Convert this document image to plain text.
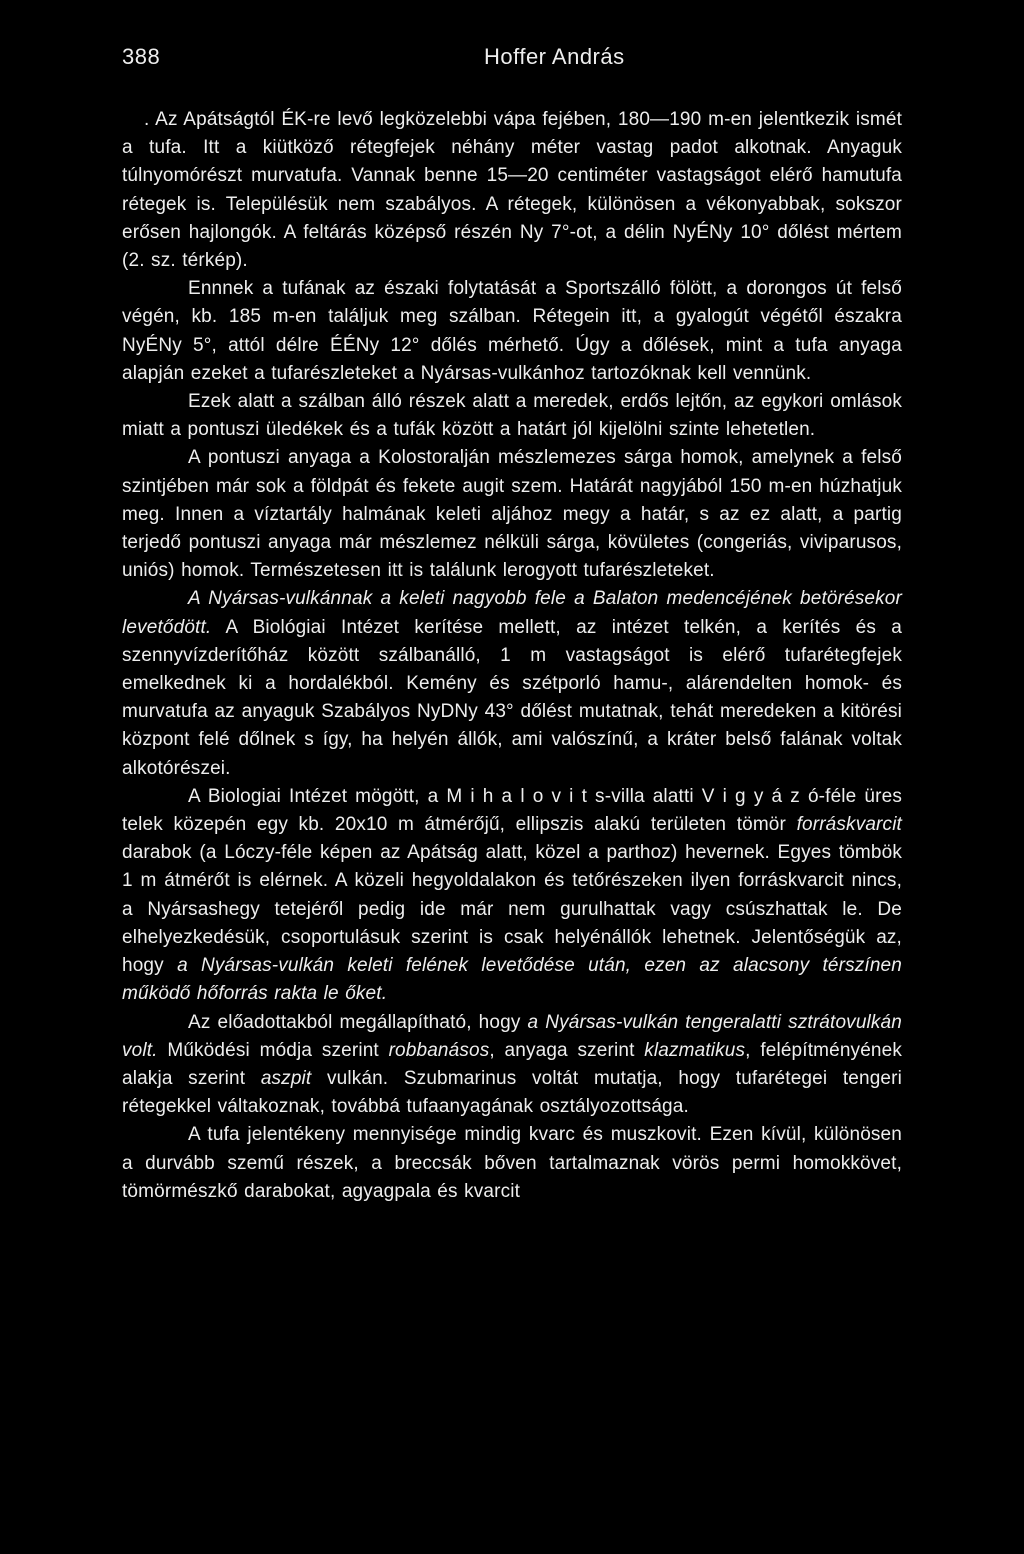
388	Hoffer András

. Az Apátságtól ÉK-re levő legközelebbi vápa fejében, 180—190 m-en jelentkezik ismét a tufa. Itt a kiütköző rétegfejek néhány méter vastag padot alkotnak. Anyaguk túlnyomórészt murvatufa. Vannak benne 15—20 centiméter vastagságot elérő hamutufa rétegek is. Településük nem szabályos. A rétegek, különösen a vékonyabbak, sokszor erősen hajlongók. A feltárás középső részén Ny 7°-ot, a délin NyÉNy 10° dőlést mértem (2. sz. térkép).

Ennnek a tufának az északi folytatását a Sportszálló fölött, a dorongos út felső végén, kb. 185 m-en találjuk meg szálban. Rétegein itt, a gyalogút végétől északra NyÉNy 5°, attól délre ÉÉNy 12° dőlés mérhető. Úgy a dőlések, mint a tufa anyaga alapján ezeket a tufarészleteket a Nyársas-vulkánhoz tartozóknak kell vennünk.

Ezek alatt a szálban álló részek alatt a meredek, erdős lejtőn, az egykori omlások miatt a pontuszi üledékek és a tufák között a határt jól kijelölni szinte lehetetlen.

A pontuszi anyaga a Kolostoralján mészlemezes sárga homok, amelynek a felső szintjében már sok a földpát és fekete augit szem. Határát nagyjából 150 m-en húzhatjuk meg. Innen a víztartály halmának keleti aljához megy a határ, s az ez alatt, a partig terjedő pontuszi anyaga már mészlemez nélküli sárga, kövületes (congeriás, viviparusos, uniós) homok. Természetesen itt is találunk lerogyott tufarészleteket.

A Nyársas-vulkánnak a keleti nagyobb fele a Balaton medencéjének betörésekor levetődött. A Biológiai Intézet kerítése mellett, az intézet telkén, a kerítés és a szennyvízderítőház között szálbanálló, 1 m vastagságot is elérő tufarétegfejek emelkednek ki a hordalékból. Kemény és szétporló hamu-, alárendelten homok- és murvatufa az anyaguk Szabályos NyDNy 43° dőlést mutatnak, tehát meredeken a kitörési központ felé dőlnek s így, ha helyén állók, ami valószínű, a kráter belső falának voltak alkotórészei.

A Biologiai Intézet mögött, a M i h a l o v i t s-villa alatti V i g y á z ó-féle üres telek közepén egy kb. 20x10 m átmérőjű, ellipszis alakú területen tömör forráskvarcit darabok (a Lóczy-féle képen az Apátság alatt, közel a parthoz) hevernek. Egyes tömbök 1 m átmérőt is elérnek. A közeli hegyoldalakon és tetőrészeken ilyen forráskvarcit nincs, a Nyársashegy tetejéről pedig ide már nem gurulhattak vagy csúszhattak le. De elhelyezkedésük, csoportulásuk szerint is csak helyénállók lehetnek. Jelentőségük az, hogy a Nyársas-vulkán keleti felének levetődése után, ezen az alacsony térszínen működő hőforrás rakta le őket.

Az előadottakból megállapítható, hogy a Nyársas-vulkán tengeralatti sztrátovulkán volt. Működési módja szerint robbanásos, anyaga szerint klazmatikus, felépítményének alakja szerint aszpit vulkán. Szubmarinus voltát mutatja, hogy tufarétegei tengeri rétegekkel váltakoznak, továbbá tufaanyagának osztályozottsága.

A tufa jelentékeny mennyisége mindig kvarc és muszkovit. Ezen kívül, különösen a durvább szemű részek, a breccsák bőven tartalmaznak vörös permi homokkövet, tömörmészkő darabokat, agyagpala és kvarcit
